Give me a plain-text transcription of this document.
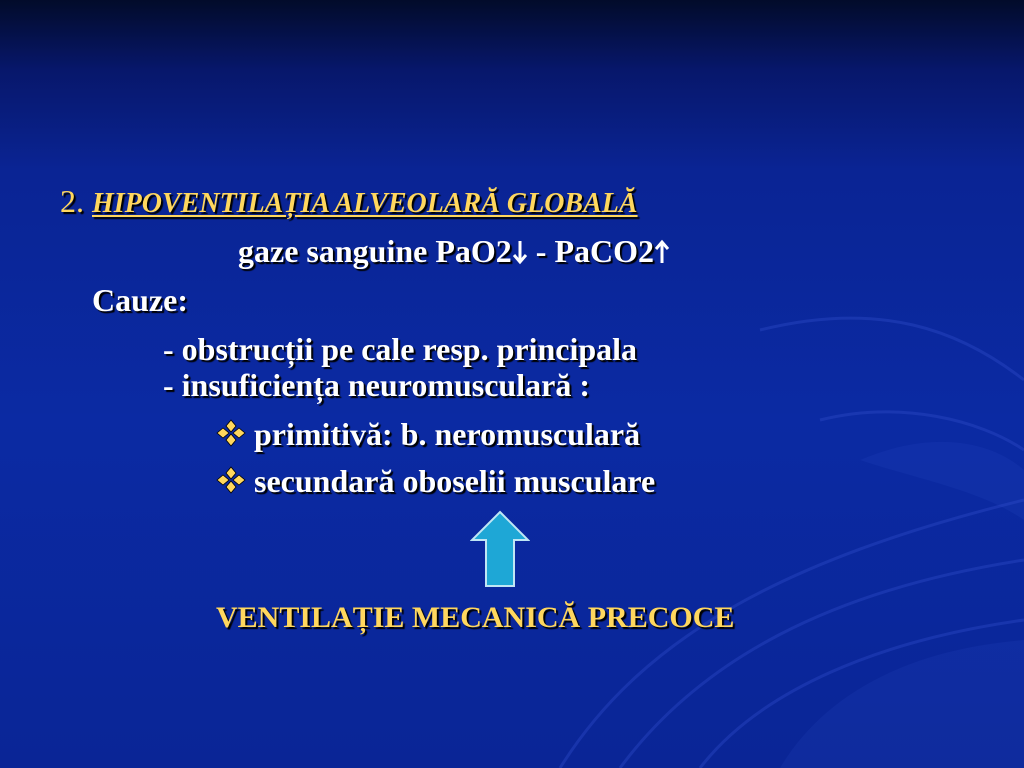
2. HIPOVENTILAȚIA ALVEOLARĂ GLOBALĂ
gaze sanguine PaO2 - PaCO2
Cauze:
- obstrucții pe cale resp. principala
- insuficiența neuromusculară :
primitivă: b. neromusculară
secundară oboselii musculare
VENTILAȚIE MECANICĂ PRECOCE
